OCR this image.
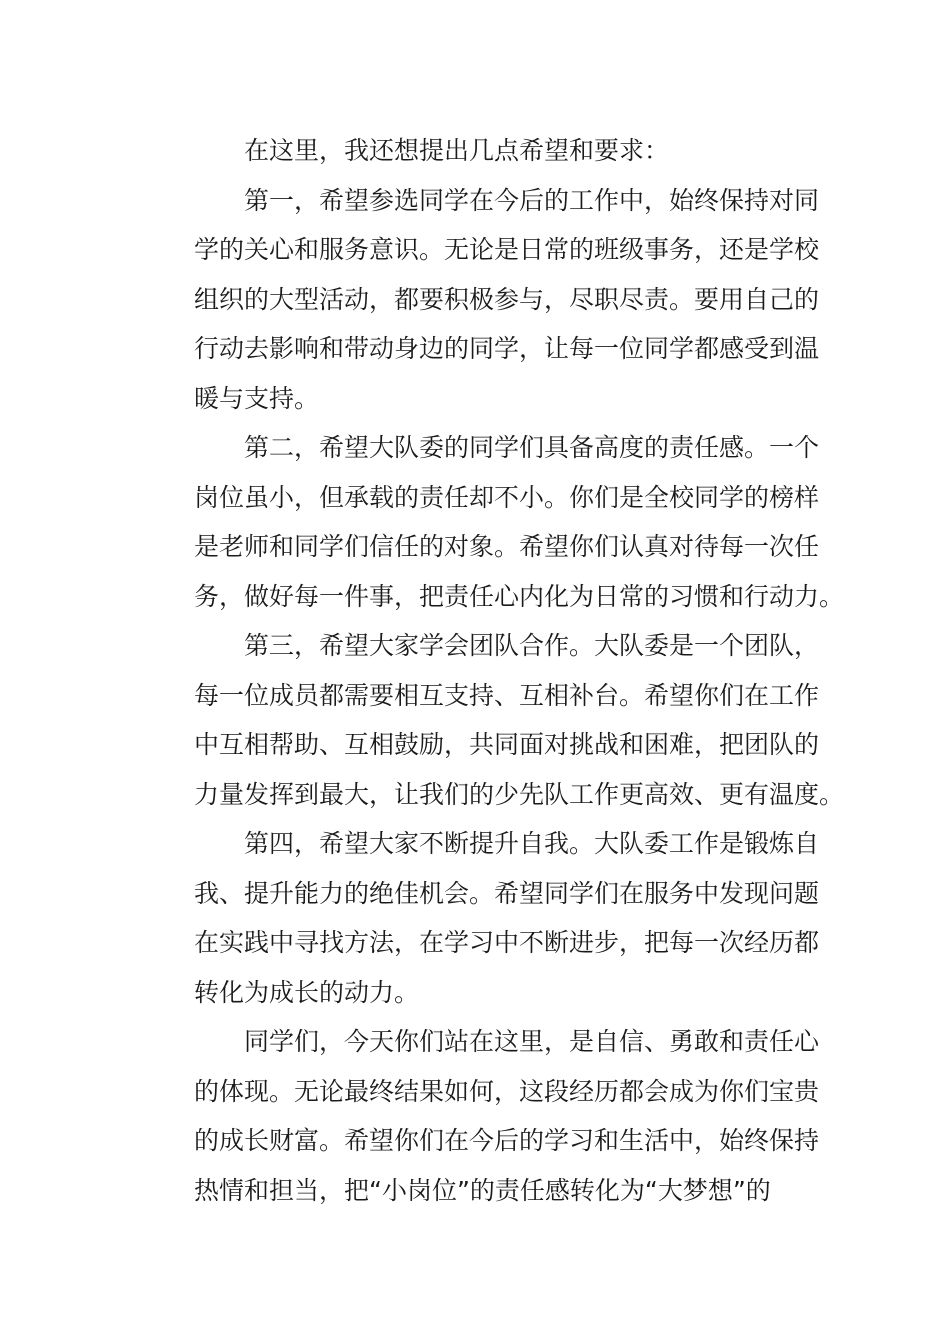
在这里，我还想提出几点希望和要求：
第一，希望参选同学在今后的工作中，始终保持对同
学的关心和服务意识。无论是日常的班级事务，还是学校
组织的大型活动，都要积极参与，尽职尽责。要用自己的
行动去影响和带动身边的同学，让每一位同学都感受到温
暖与支持。
第二，希望大队委的同学们具备高度的责任感。一个
岗位虽小，但承载的责任却不小。你们是全校同学的榜样
是老师和同学们信任的对象。希望你们认真对待每一次任
务，做好每一件事，把责任心内化为日常的习惯和行动力。
第三，希望大家学会团队合作。大队委是一个团队，
每一位成员都需要相互支持、互相补台。希望你们在工作
中互相帮助、互相鼓励，共同面对挑战和困难，把团队的
力量发挥到最大，让我们的少先队工作更高效、更有温度。
第四，希望大家不断提升自我。大队委工作是锻炼自
我、提升能力的绝佳机会。希望同学们在服务中发现问题
在实践中寻找方法，在学习中不断进步，把每一次经历都
转化为成长的动力。
同学们，今天你们站在这里，是自信、勇敢和责任心
的体现。无论最终结果如何，这段经历都会成为你们宝贵
的成长财富。希望你们在今后的学习和生活中，始终保持
热情和担当，把“小岗位”的责任感转化为“大梦想”的
